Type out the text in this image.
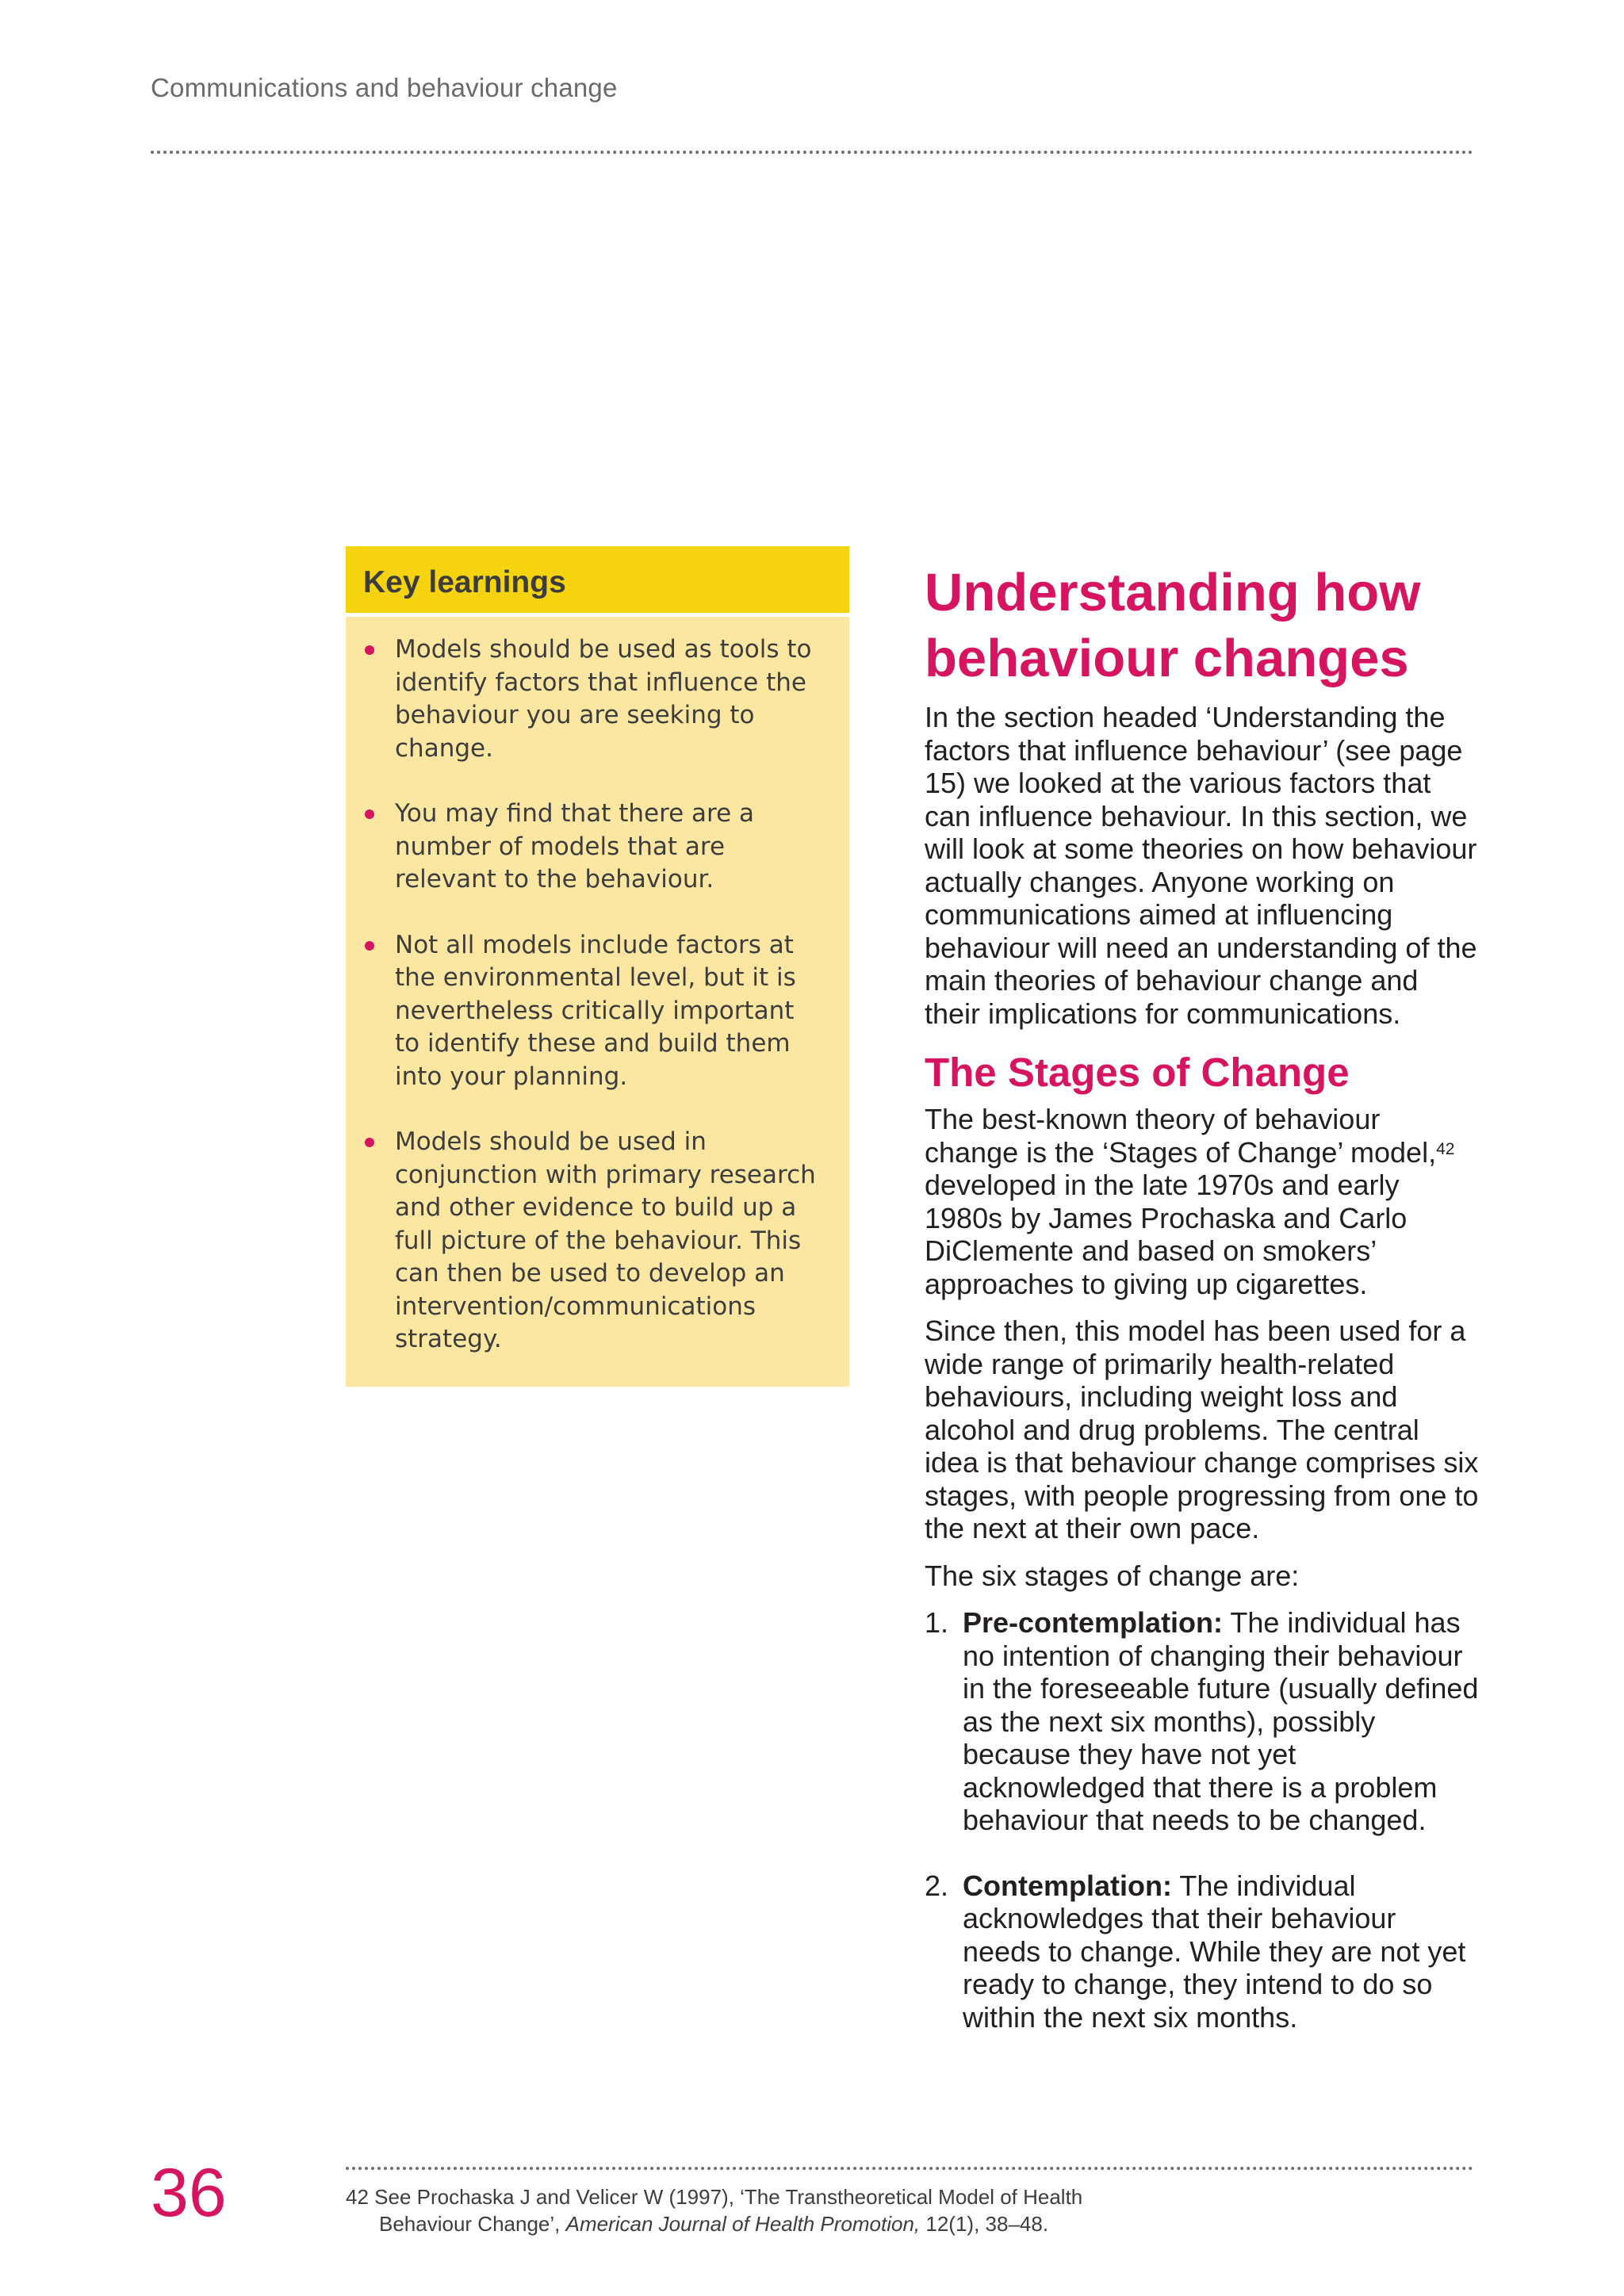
Communications and behaviour change
Key learnings
Models should be used as tools to identify factors that influence the behaviour you are seeking to change.
You may find that there are a number of models that are relevant to the behaviour.
Not all models include factors at the environmental level, but it is nevertheless critically important to identify these and build them into your planning.
Models should be used in conjunction with primary research and other evidence to build up a full picture of the behaviour. This can then be used to develop an intervention/communications strategy.
Understanding how behaviour changes

In the section headed ‘Understanding the factors that influence behaviour’ (see page 15) we looked at the various factors that can influence behaviour. In this section, we will look at some theories on how behaviour actually changes. Anyone working on communications aimed at influencing behaviour will need an understanding of the main theories of behaviour change and their implications for communications.

The Stages of Change

The best-known theory of behaviour change is the ‘Stages of Change’ model,$^{42}$ developed in the late 1970s and early 1980s by James Prochaska and Carlo DiClemente and based on smokers’ approaches to giving up cigarettes.

Since then, this model has been used for a wide range of primarily health-related behaviours, including weight loss and alcohol and drug problems. The central idea is that behaviour change comprises six stages, with people progressing from one to the next at their own pace.

The six stages of change are:

1. Pre-contemplation: The individual has no intention of changing their behaviour in the foreseeable future (usually defined as the next six months), possibly because they have not yet acknowledged that there is a problem behaviour that needs to be changed.
2. Contemplation: The individual acknowledges that their behaviour needs to change. While they are not yet ready to change, they intend to do so within the next six months.
36	42 See Prochaska J and Velicer W (1997), ‘The Transtheoretical Model of Health
Behaviour Change’, American Journal of Health Promotion, 12(1), 38–48.
